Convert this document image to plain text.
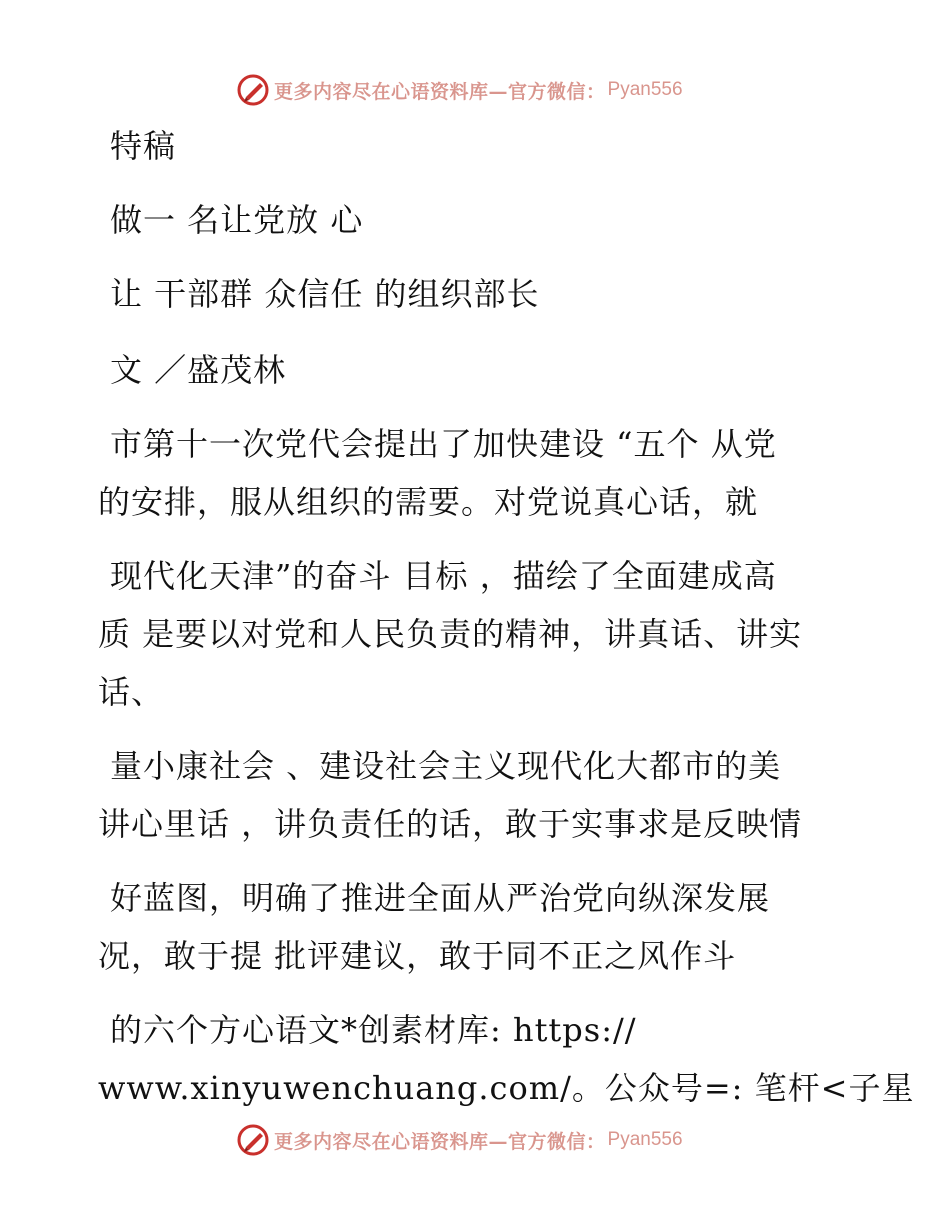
更多内容尽在心语资料库—官方微信： Pyan556
特稿
做一 名让党放 心
让 干部群 众信任 的组织部长
文 ／盛茂林
市第十一次党代会提出了加快建设 “五个 从党
的安排，服从组织的需要。对党说真心话，就
现代化天津”的奋斗 目标 ，描绘了全面建成高
质 是要以对党和人民负责的精神，讲真话、讲实
话、
量小康社会 、建设社会主义现代化大都市的美
讲心里话 ，讲负责任的话，敢于实事求是反映情
好蓝图，明确了推进全面从严治党向纵深发展
况，敢于提 批评建议，敢于同不正之风作斗
的六个方心语文*创素材库: https://
www.xinyuwenchuang.com/。公众号=: 笔杆<子星
更多内容尽在心语资料库—官方微信： Pyan556
